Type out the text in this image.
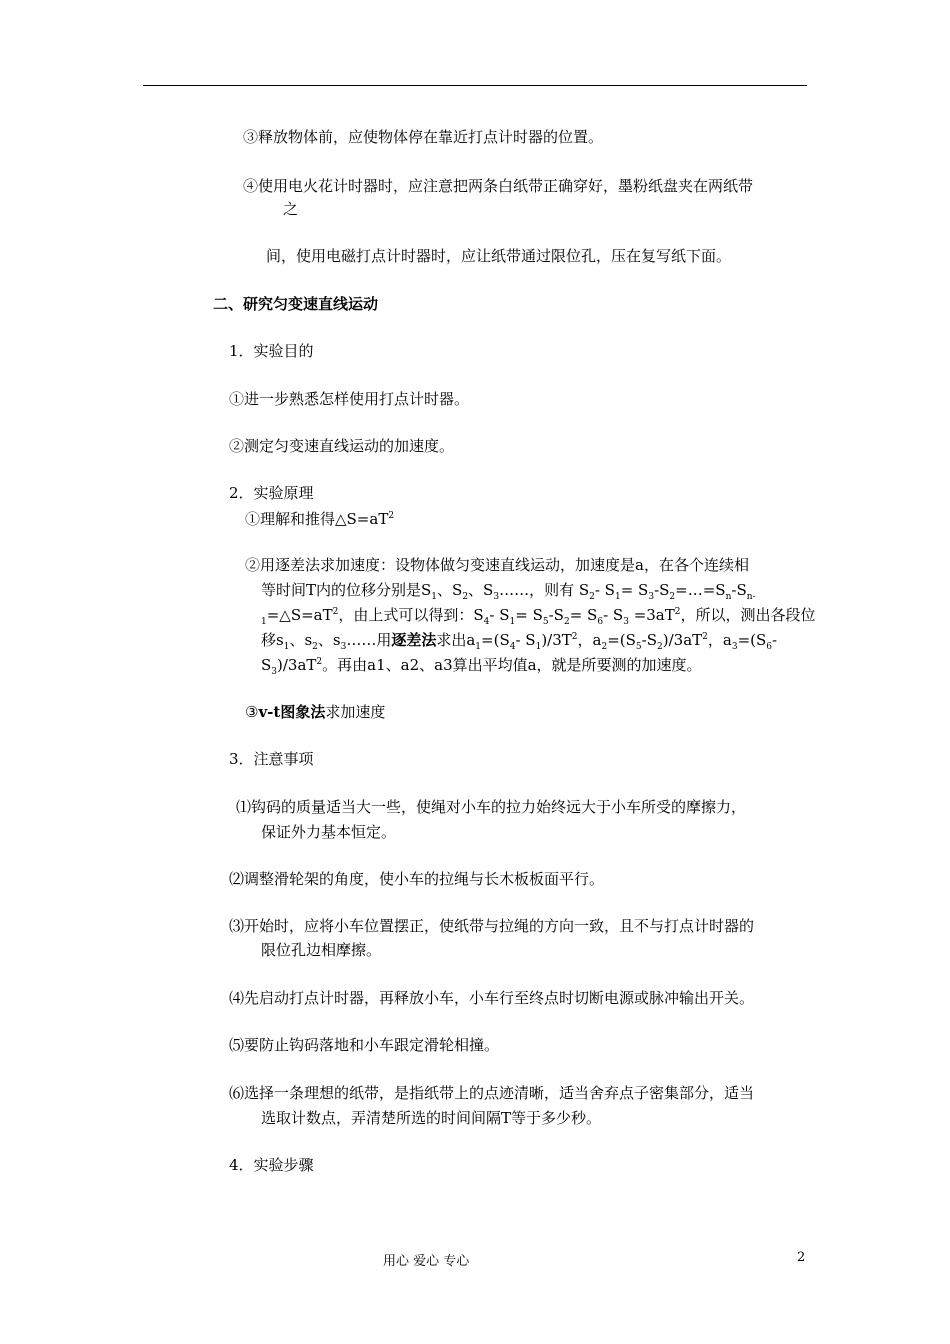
③释放物体前，应使物体停在靠近打点计时器的位置。
④使用电火花计时器时，应注意把两条白纸带正确穿好，墨粉纸盘夹在两纸带
之
间，使用电磁打点计时器时，应让纸带通过限位孔，压在复写纸下面。
二、研究匀变速直线运动
1．实验目的
①进一步熟悉怎样使用打点计时器。
②测定匀变速直线运动的加速度。
2．实验原理
①理解和推得$\triangle S=aT^2$
②用逐差法求加速度：设物体做匀变速直线运动，加速度是a，在各个连续相
等时间T内的位移分别是$S_1$、$S_2$、$S_3\dots\dots$，则有 $S_2-$ $S_1=$ $S_3-S_2=\dots=S_n-S_{n-}$
$_1=\triangle S=aT^2$，由上式可以得到：$S_4-$ $S_1= S_5-S_2= S_6-$ $S_3 =3aT^2$，所以，测出各段位
移$s_1$、$s_2$、$s_3\dots\dots$用逐差法求出$a_1=(S_4-$ $S_1)/3T^2$，$a_2=(S_5-S_2)/3aT^2$，$a_3=(S_6-$
$S_3)/3aT^2$。再由a1、a2、a3算出平均值a，就是所要测的加速度。
③v-t图象法求加速度
3．注意事项
⑴钩码的质量适当大一些，使绳对小车的拉力始终远大于小车所受的摩擦力，
保证外力基本恒定。
⑵调整滑轮架的角度，使小车的拉绳与长木板板面平行。
⑶开始时，应将小车位置摆正，使纸带与拉绳的方向一致，且不与打点计时器的
限位孔边相摩擦。
⑷先启动打点计时器，再释放小车，小车行至终点时切断电源或脉冲输出开关。
⑸要防止钩码落地和小车跟定滑轮相撞。
⑹选择一条理想的纸带，是指纸带上的点迹清晰，适当舍弃点子密集部分，适当
选取计数点，弄清楚所选的时间间隔T等于多少秒。
4．实验步骤
用心 爱心 专心	2
